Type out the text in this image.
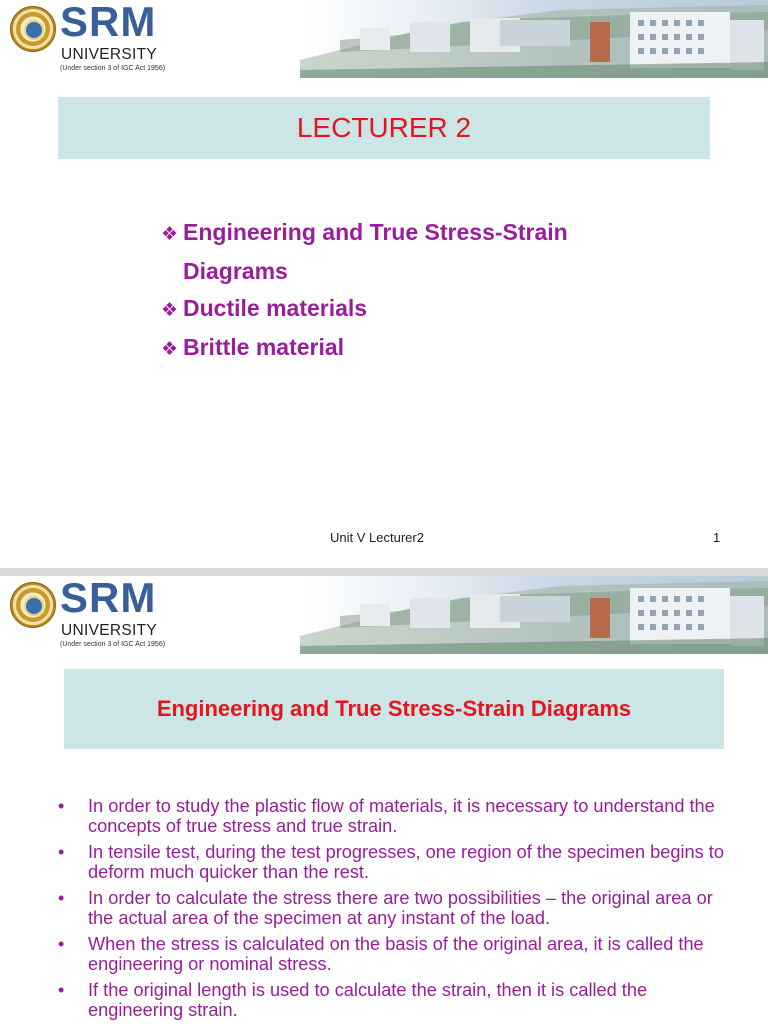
SRM
UNIVERSITY
(Under section 3 of IGC Act 1956)
LECTURER 2
❖ Engineering and True Stress-Strain
Diagrams
❖ Ductile materials
❖ Brittle material
Unit V Lecturer2	1
SRM
UNIVERSITY
(Under section 3 of IGC Act 1956)
Engineering and True Stress-Strain Diagrams
• In order to study the plastic flow of materials, it is necessary to understand the concepts of true stress and true strain.
• In tensile test, during the test progresses, one region of the specimen begins to deform much quicker than the rest.
• In order to calculate the stress there are two possibilities – the original area or the actual area of the specimen at any instant of the load.
• When the stress is calculated on the basis of the original area, it is called the engineering or nominal stress.
• If the original length is used to calculate the strain, then it is called the engineering strain.
